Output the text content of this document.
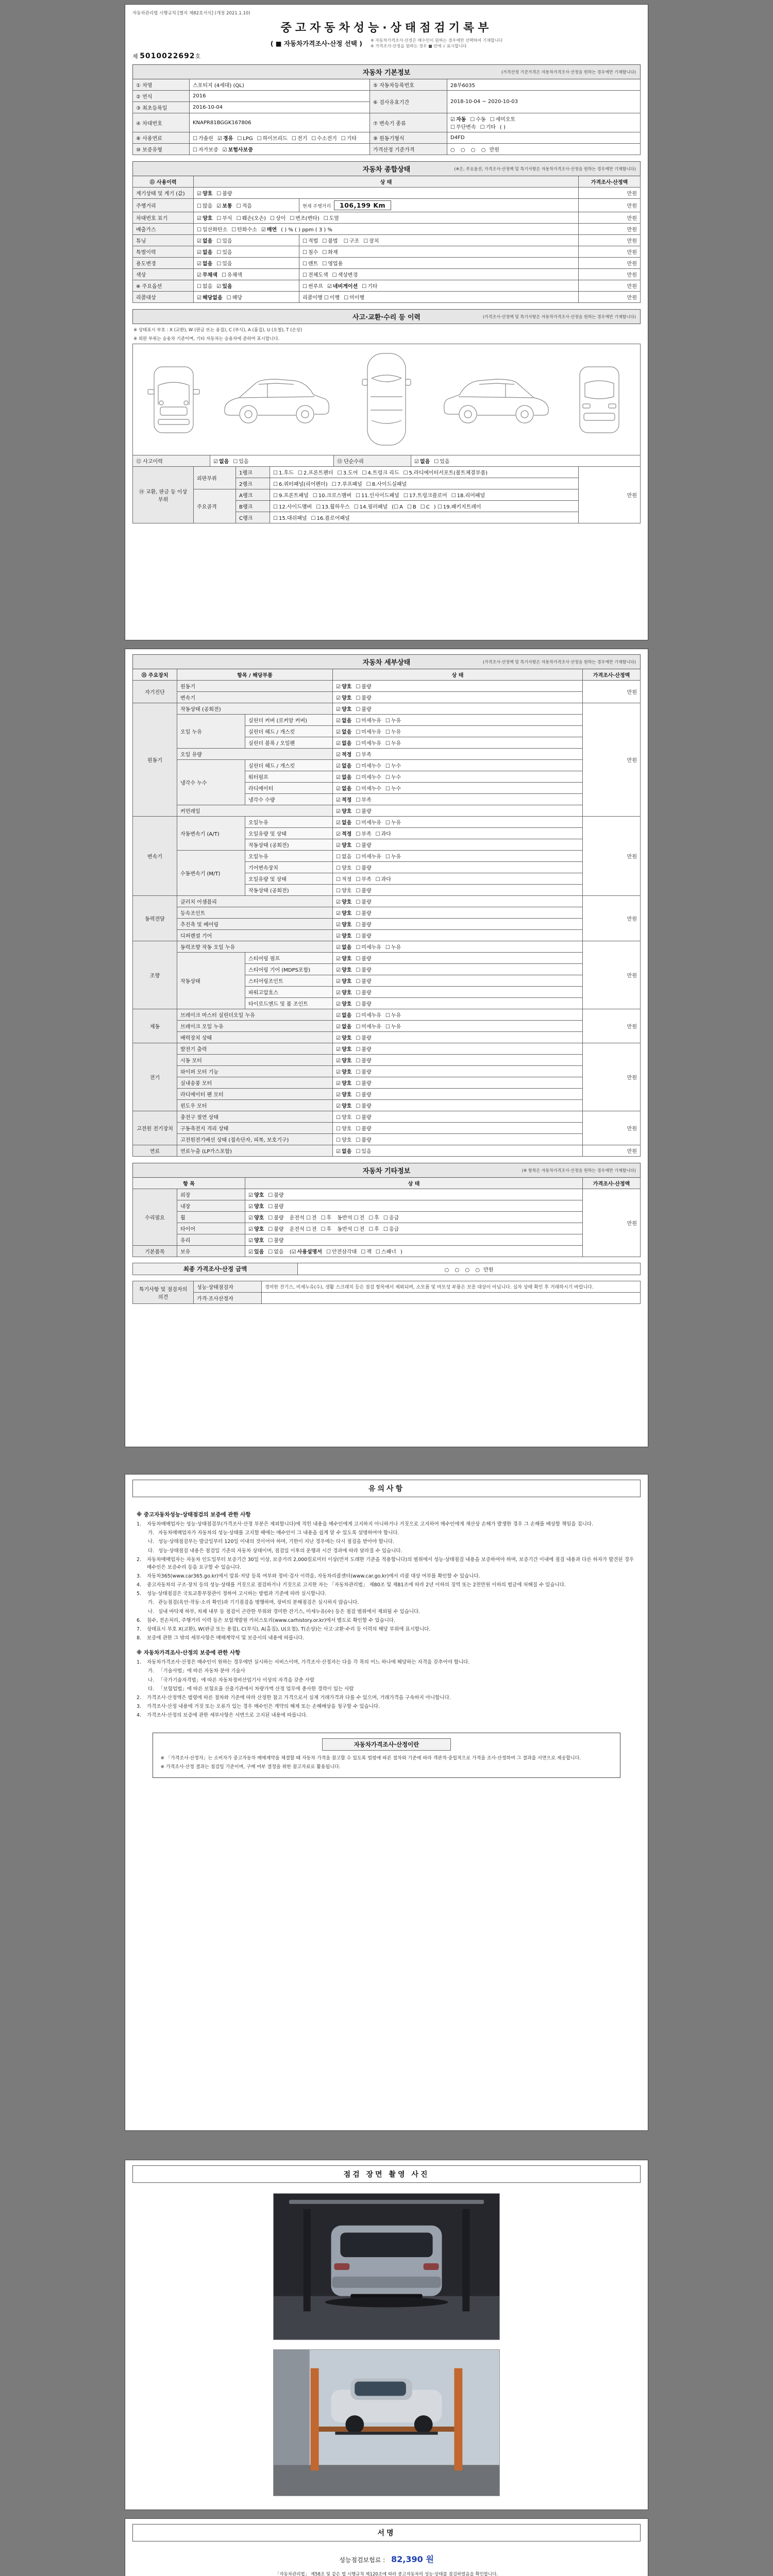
자동차관리법 시행규칙 [별지 제82호서식] (개정 2021.1.10)
중고자동차성능·상태점검기록부
( ■ 자동차가격조사·산정 선택 ) ※ 자동차가격조사·산정은 매수인이 원하는 경우에만 선택하여 기재합니다
※ 가격조사·산정을 원하는 경우 ■ 안에 √ 표시합니다
제 5010022692호
자동차 기본정보	(가격산정 기준가격은 자동차가격조사·산정을 원하는 경우에만 기재합니다)
① 차명	스포티지 (4세대) (QL)	⑤ 자동차등록번호	28부6035
② 연식	2016	⑥ 검사유효기간	2018-10-04 ~ 2020-10-03
③ 최초등록일	2016-10-04		
④ 차대번호	KNAPR81BGGK167806	⑦ 변속기 종류	☑ 자동 ☐ 수동 ☐ 세미오토
☐ 무단변속 ☐ 기타 ( )
⑧ 사용연료	☐ 가솔린 ☑ 경유 ☐ LPG ☐ 하이브리드 ☐ 전기 ☐ 수소전기 ☐ 기타	⑨ 원동기형식	D4FD
⑩ 보증유형	☐ 자가보증 ☑ 보험사보증	가격산정 기준가격	○ ○ ○ ○ 만원
자동차 종합상태	(※은, 주요옵션, 가격조사·산정액 및 특기사항은 자동차가격조사·산정을 원하는 경우에만 기재합니다)
⑪ 사용이력	상 태		가격조사·산정액
계기상태 및 계기 (값)	☑ 양호 ☐ 불량		만원
주행거리	☐ 많음 ☑ 보통 ☐ 적음	현재 주행거리 106,199 Km	만원
차대번호 표기	☑ 양호 ☐ 부식 ☐ 훼손(오손) ☐ 상이 ☐ 변조(변타) ☐ 도말		만원
배출가스	☐ 일산화탄소 ☐ 탄화수소 ☑ 매연 ( ) % ( ) ppm ( 3 ) %		만원
튜닝	☑ 없음 ☐ 있음	☐ 적법 ☐ 불법 ☐ 구조 ☐ 장치	만원
특별이력	☑ 없음 ☐ 있음	☐ 침수 ☐ 화재	만원
용도변경	☑ 없음 ☐ 있음	☐ 렌트 ☐ 영업용	만원
색상	☑ 무채색 ☐ 유채색	☐ 전체도색 ☐ 색상변경	만원
※ 주요옵션	☐ 없음 ☑ 있음	☐ 썬루프 ☑ 네비게이션 ☐ 기타	만원
리콜대상	☑ 해당없음 ☐ 해당	리콜이행 ☐ 이행 ☐ 미이행	만원
사고·교환·수리 등 이력	(가격조사·산정액 및 특기사항은 자동차가격조사·산정을 원하는 경우에만 기재합니다)
※ 상태표시 부호 : X (교환), W (판금 또는 용접), C (부식), A (흠집), U (요철), T (손상)
※ 외판 부위는 승용차 기준이며, 기타 자동차는 승용차에 준하여 표시합니다.
⑫ 사고이력	☑ 없음 ☐ 있음	⑬ 단순수리	☑ 없음 ☐ 있음
⑭ 교환, 판금 등 이상 부위	외판부위	1랭크	☐ 1.후드 ☐ 2.프론트펜더 ☐ 3.도어 ☐ 4.트렁크 리드 ☐ 5.라디에이터서포트(볼트체결부품)	만원
		2랭크	☐ 6.쿼터패널(리어펜더) ☐ 7.루프패널 ☐ 8.사이드실패널	
	주요골격	A랭크	☐ 9.프론트패널 ☐ 10.크로스멤버 ☐ 11.인사이드패널 ☐ 17.트렁크플로어 ☐ 18.리어패널	
		B랭크	☐ 12.사이드멤버 ☐ 13.휠하우스 ☐ 14.필러패널 (☐ A ☐ B ☐ C ) ☐ 19.패키지트레이	
		C랭크	☐ 15.대쉬패널 ☐ 16.플로어패널	
자동차 세부상태	(가격조사·산정액 및 특기사항은 자동차가격조사·산정을 원하는 경우에만 기재합니다)
⑮ 주요장치	항목 / 해당부품		상 태	가격조사·산정액
자기진단	원동기		☑ 양호 ☐ 불량	만원
	변속기		☑ 양호 ☐ 불량	
원동기	작동상태 (공회전)		☑ 양호 ☐ 불량	만원
	오일 누유	실린더 커버 (로커암 커버)	☑ 없음 ☐ 미세누유 ☐ 누유	
		실린더 헤드 / 개스킷	☑ 없음 ☐ 미세누유 ☐ 누유	
		실린더 블록 / 오일팬	☑ 없음 ☐ 미세누유 ☐ 누유	
	오일 유량		☑ 적정 ☐ 부족	
	냉각수 누수	실린더 헤드 / 개스킷	☑ 없음 ☐ 미세누수 ☐ 누수	
		워터펌프	☑ 없음 ☐ 미세누수 ☐ 누수	
		라디에이터	☑ 없음 ☐ 미세누수 ☐ 누수	
		냉각수 수량	☑ 적정 ☐ 부족	
	커먼레일		☑ 양호 ☐ 불량	
변속기	자동변속기 (A/T)	오일누유	☑ 없음 ☐ 미세누유 ☐ 누유	만원
		오일유량 및 상태	☑ 적정 ☐ 부족 ☐ 과다	
		작동상태 (공회전)	☑ 양호 ☐ 불량	
	수동변속기 (M/T)	오일누유	☐ 없음 ☐ 미세누유 ☐ 누유	
		기어변속장치	☐ 양호 ☐ 불량	
		오일유량 및 상태	☐ 적정 ☐ 부족 ☐ 과다	
		작동상태 (공회전)	☐ 양호 ☐ 불량	
동력전달	클러치 어셈블리		☑ 양호 ☐ 불량	만원
	등속조인트		☑ 양호 ☐ 불량	
	추진축 및 베어링		☑ 양호 ☐ 불량	
	디퍼렌셜 기어		☑ 양호 ☐ 불량	
조향	동력조향 작동 오일 누유		☑ 없음 ☐ 미세누유 ☐ 누유	만원
	작동상태	스티어링 펌프	☑ 양호 ☐ 불량	
		스티어링 기어 (MDPS포함)	☑ 양호 ☐ 불량	
		스티어링조인트	☑ 양호 ☐ 불량	
		파워고압호스	☑ 양호 ☐ 불량	
		타이로드엔드 및 볼 조인트	☑ 양호 ☐ 불량	
제동	브레이크 마스터 실린더오일 누유		☑ 없음 ☐ 미세누유 ☐ 누유	만원
	브레이크 오일 누유		☑ 없음 ☐ 미세누유 ☐ 누유	
	배력장치 상태		☑ 양호 ☐ 불량	
전기	발전기 출력		☑ 양호 ☐ 불량	만원
	시동 모터		☑ 양호 ☐ 불량	
	와이퍼 모터 기능		☑ 양호 ☐ 불량	
	실내송풍 모터		☑ 양호 ☐ 불량	
	라디에이터 팬 모터		☑ 양호 ☐ 불량	
	윈도우 모터		☑ 양호 ☐ 불량	
고전원 전기장치	충전구 절연 상태		☐ 양호 ☐ 불량	만원
	구동축전지 격리 상태		☐ 양호 ☐ 불량	
	고전원전기배선 상태 (접속단자, 피복, 보호기구)		☐ 양호 ☐ 불량	
연료	연료누출 (LP가스포함)		☑ 없음 ☐ 있음	만원
자동차 기타정보	(※ 항목은 자동차가격조사·산정을 원하는 경우에만 기재합니다)
항 목		상 태	가격조사·산정액
수리필요	외장	☑ 양호 ☐ 불량	만원
	내장	☑ 양호 ☐ 불량	
	휠	☑ 양호 ☐ 불량 운전석 ☐ 전 ☐ 후 동반석 ☐ 전 ☐ 후 ☐ 응급	
	타이어	☑ 양호 ☐ 불량 운전석 ☐ 전 ☐ 후 동반석 ☐ 전 ☐ 후 ☐ 응급	
	유리	☑ 양호 ☐ 불량	
기본품목	보유	☑ 있음 ☐ 없음 (☑ 사용설명서 ☐ 안전삼각대 ☐ 잭 ☐ 스패너 )	
최종 가격조사·산정 금액	○ ○ ○ ○ 만원
특기사항 및 점검자의 의견	성능·상태점검자	경미한 잔기스, 미세누유(수), 생활 스크래치 등은 점검 항목에서 제외되며, 소모품 및 마모성 부품은 보증 대상이 아닙니다. 실차 상태 확인 후 거래하시기 바랍니다.
	가격·조사산정자	
유의사항
※ 중고자동차성능·상태점검의 보증에 관한 사항
1.	자동차매매업자는 성능·상태점검부(가격조사·산정 부분은 제외합니다)에 적힌 내용을 매수인에게 고지하지 아니하거나 거짓으로 고지하여 매수인에게 재산상 손해가 발생한 경우 그 손해를 배상할 책임을 집니다.
가. 자동차매매업자가 자동차의 성능·상태를 고지할 때에는 매수인이 그 내용을 쉽게 알 수 있도록 설명하여야 합니다.
나. 성능·상태점검부는 발급일부터 120일 이내의 것이어야 하며, 기한이 지난 경우에는 다시 점검을 받아야 합니다.
다. 성능·상태점검 내용은 점검일 기준의 자동차 상태이며, 점검일 이후의 운행과 시간 경과에 따라 달라질 수 있습니다.
2.	자동차매매업자는 자동차 인도일부터 보증기간 30일 이상, 보증거리 2,000킬로미터 이상(먼저 도래한 기준을 적용합니다)의 범위에서 성능·상태점검 내용을 보증하여야 하며, 보증기간 이내에 점검 내용과 다른 하자가 발견된 경우 매수인은 보증수리 등을 요구할 수 있습니다.
3.	자동차365(www.car365.go.kr)에서 압류·저당 등록 여부와 정비·검사 이력을, 자동차리콜센터(www.car.go.kr)에서 리콜 대상 여부를 확인할 수 있습니다.
4.	중고자동차의 구조·장치 등의 성능·상태를 거짓으로 점검하거나 거짓으로 고지한 자는 「자동차관리법」 제80조 및 제81조에 따라 2년 이하의 징역 또는 2천만원 이하의 벌금에 처해질 수 있습니다.
5.	성능·상태점검은 국토교통부장관이 정하여 고시하는 방법과 기준에 따라 실시합니다.
가. 관능점검(육안·작동·소리 확인)과 기기점검을 병행하며, 장비의 분해점검은 실시하지 않습니다.
나. 실내 바닥재 하부, 차체 내부 등 점검이 곤란한 부위와 경미한 잔기스, 미세누유(수) 등은 점검 범위에서 제외될 수 있습니다.
6.	침수, 전손처리, 주행거리 이력 등은 보험개발원 카히스토리(www.carhistory.or.kr)에서 별도로 확인할 수 있습니다.
7.	상태표시 부호 X(교환), W(판금 또는 용접), C(부식), A(흠집), U(요철), T(손상)는 사고·교환·수리 등 이력의 해당 부위에 표시합니다.
8.	보증에 관한 그 밖의 세부사항은 매매계약서 및 보증서의 내용에 따릅니다.
※ 자동차가격조사·산정의 보증에 관한 사항
1.	자동차가격조사·산정은 매수인이 원하는 경우에만 실시하는 서비스이며, 가격조사·산정자는 다음 각 목의 어느 하나에 해당하는 자격을 갖추어야 합니다.
가. 「기술사법」에 따른 자동차 분야 기술사
나. 「국가기술자격법」에 따른 자동차정비산업기사 이상의 자격을 갖춘 사람
다. 「보험업법」에 따른 보험요율 산출기관에서 차량가액 산정 업무에 종사한 경력이 있는 사람
2.	가격조사·산정액은 법령에 따른 절차와 기준에 따라 산정한 참고 가격으로서 실제 거래가격과 다를 수 있으며, 거래가격을 구속하지 아니합니다.
3.	가격조사·산정 내용에 거짓 또는 오류가 있는 경우 매수인은 계약의 해제 또는 손해배상을 청구할 수 있습니다.
4.	가격조사·산정의 보증에 관한 세부사항은 서면으로 고지된 내용에 따릅니다.
자동차가격조사·산정이란
※ 「가격조사·산정자」는 소비자가 중고자동차 매매계약을 체결할 때 자동차 가격을 참고할 수 있도록 법령에 따른 절차와 기준에 따라 객관적·중립적으로 가격을 조사·산정하여 그 결과를 서면으로 제공합니다.
※ 가격조사·산정 결과는 점검일 기준이며, 구매 여부 결정을 위한 참고자료로 활용됩니다.
점검 장면 촬영 사진
서명
성능점검보험료 : 82,390 원
「자동차관리법」 제58조 및 같은 법 시행규칙 제120조에 따라 중고자동차의 성능·상태를 점검하였음을 확인합니다.
